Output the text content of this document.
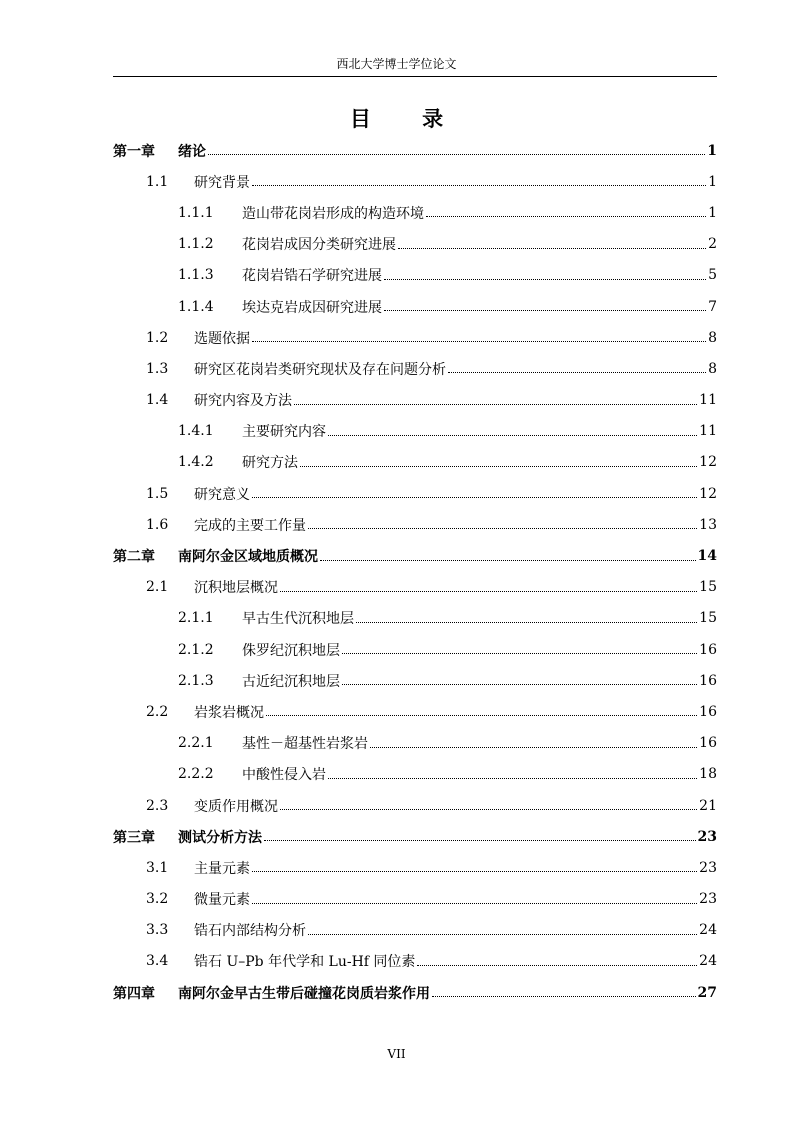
西北大学博士学位论文
目 录
第一章	绪论	1
1.1	研究背景	1
1.1.1	造山带花岗岩形成的构造环境	1
1.1.2	花岗岩成因分类研究进展	2
1.1.3	花岗岩锆石学研究进展	5
1.1.4	埃达克岩成因研究进展	7
1.2	选题依据	8
1.3	研究区花岗岩类研究现状及存在问题分析	8
1.4	研究内容及方法	11
1.4.1	主要研究内容	11
1.4.2	研究方法	12
1.5	研究意义	12
1.6	完成的主要工作量	13
第二章	南阿尔金区域地质概况	14
2.1	沉积地层概况	15
2.1.1	早古生代沉积地层	15
2.1.2	侏罗纪沉积地层	16
2.1.3	古近纪沉积地层	16
2.2	岩浆岩概况	16
2.2.1	基性－超基性岩浆岩	16
2.2.2	中酸性侵入岩	18
2.3	变质作用概况	21
第三章	测试分析方法	23
3.1	主量元素	23
3.2	微量元素	23
3.3	锆石内部结构分析	24
3.4	锆石 U–Pb 年代学和 Lu-Hf 同位素	24
第四章	南阿尔金早古生带后碰撞花岗质岩浆作用	27
VII
